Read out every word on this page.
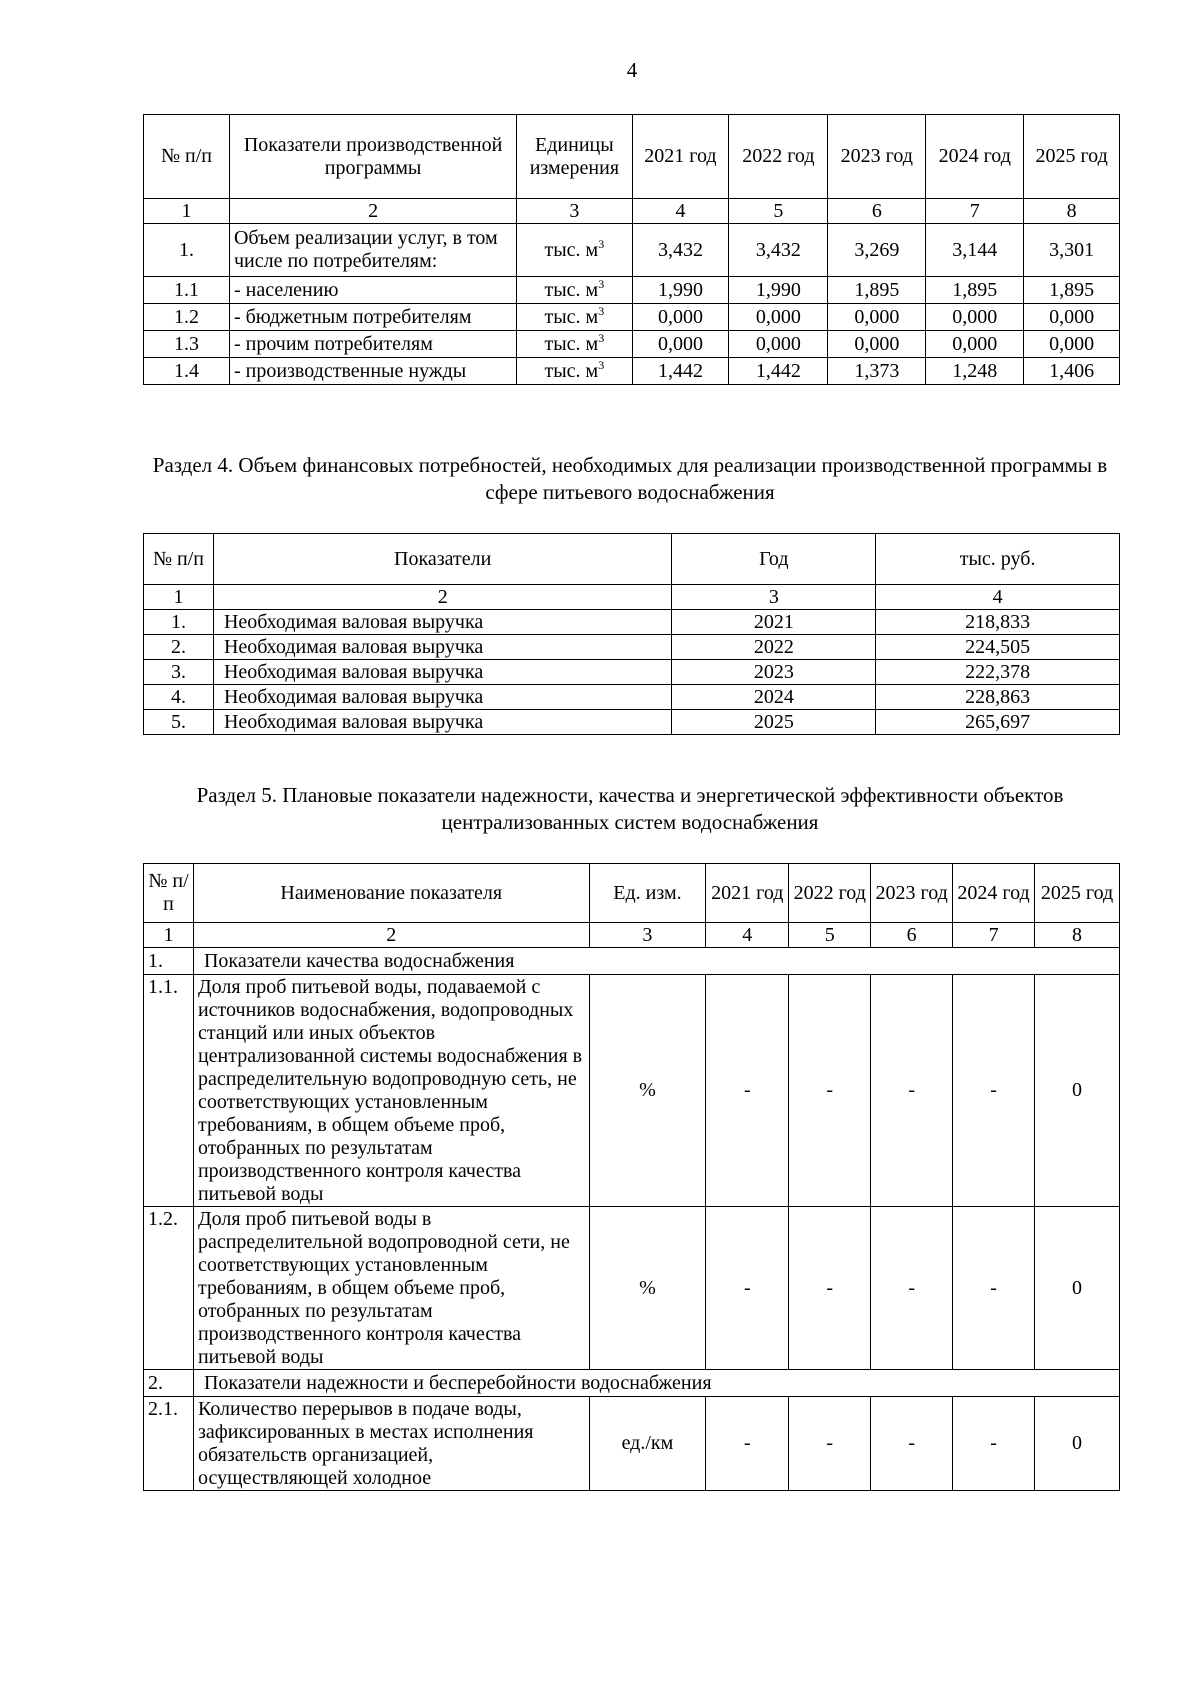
4
№ п/п	Показатели производственной программы	Единицы измерения	2021 год	2022 год	2023 год	2024 год	2025 год
1	2	3	4	5	6	7	8
1.	Объем реализации услуг, в том числе по потребителям:	тыс. $м^3$	3,432	3,432	3,269	3,144	3,301
1.1	- населению	тыс. $м^3$	1,990	1,990	1,895	1,895	1,895
1.2	- бюджетным потребителям	тыс. $м^3$	0,000	0,000	0,000	0,000	0,000
1.3	- прочим потребителям	тыс. $м^3$	0,000	0,000	0,000	0,000	0,000
1.4	- производственные нужды	тыс. $м^3$	1,442	1,442	1,373	1,248	1,406
Раздел 4. Объем финансовых потребностей, необходимых для реализации производственной программы в сфере питьевого водоснабжения
№ п/п	Показатели	Год	тыс. руб.
1	2	3	4
1.	Необходимая валовая выручка	2021	218,833
2.	Необходимая валовая выручка	2022	224,505
3.	Необходимая валовая выручка	2023	222,378
4.	Необходимая валовая выручка	2024	228,863
5.	Необходимая валовая выручка	2025	265,697
Раздел 5. Плановые показатели надежности, качества и энергетической эффективности объектов централизованных систем водоснабжения
№ п/п	Наименование показателя	Ед. изм.	2021 год	2022 год	2023 год	2024 год	2025 год
1	2	3	4	5	6	7	8
1.	Показатели качества водоснабжения						
1.1.	Доля проб питьевой воды, подаваемой с источников водоснабжения, водопроводных станций или иных объектов централизованной системы водоснабжения в распределительную водопроводную сеть, не соответствующих установленным требованиям, в общем объеме проб, отобранных по результатам производственного контроля качества питьевой воды	%	-	-	-	-	0
1.2.	Доля проб питьевой воды в распределительной водопроводной сети, не соответствующих установленным требованиям, в общем объеме проб, отобранных по результатам производственного контроля качества питьевой воды	%	-	-	-	-	0
2.	Показатели надежности и бесперебойности водоснабжения						
2.1.	Количество перерывов в подаче воды, зафиксированных в местах исполнения обязательств организацией, осуществляющей холодное	ед./км	-	-	-	-	0
